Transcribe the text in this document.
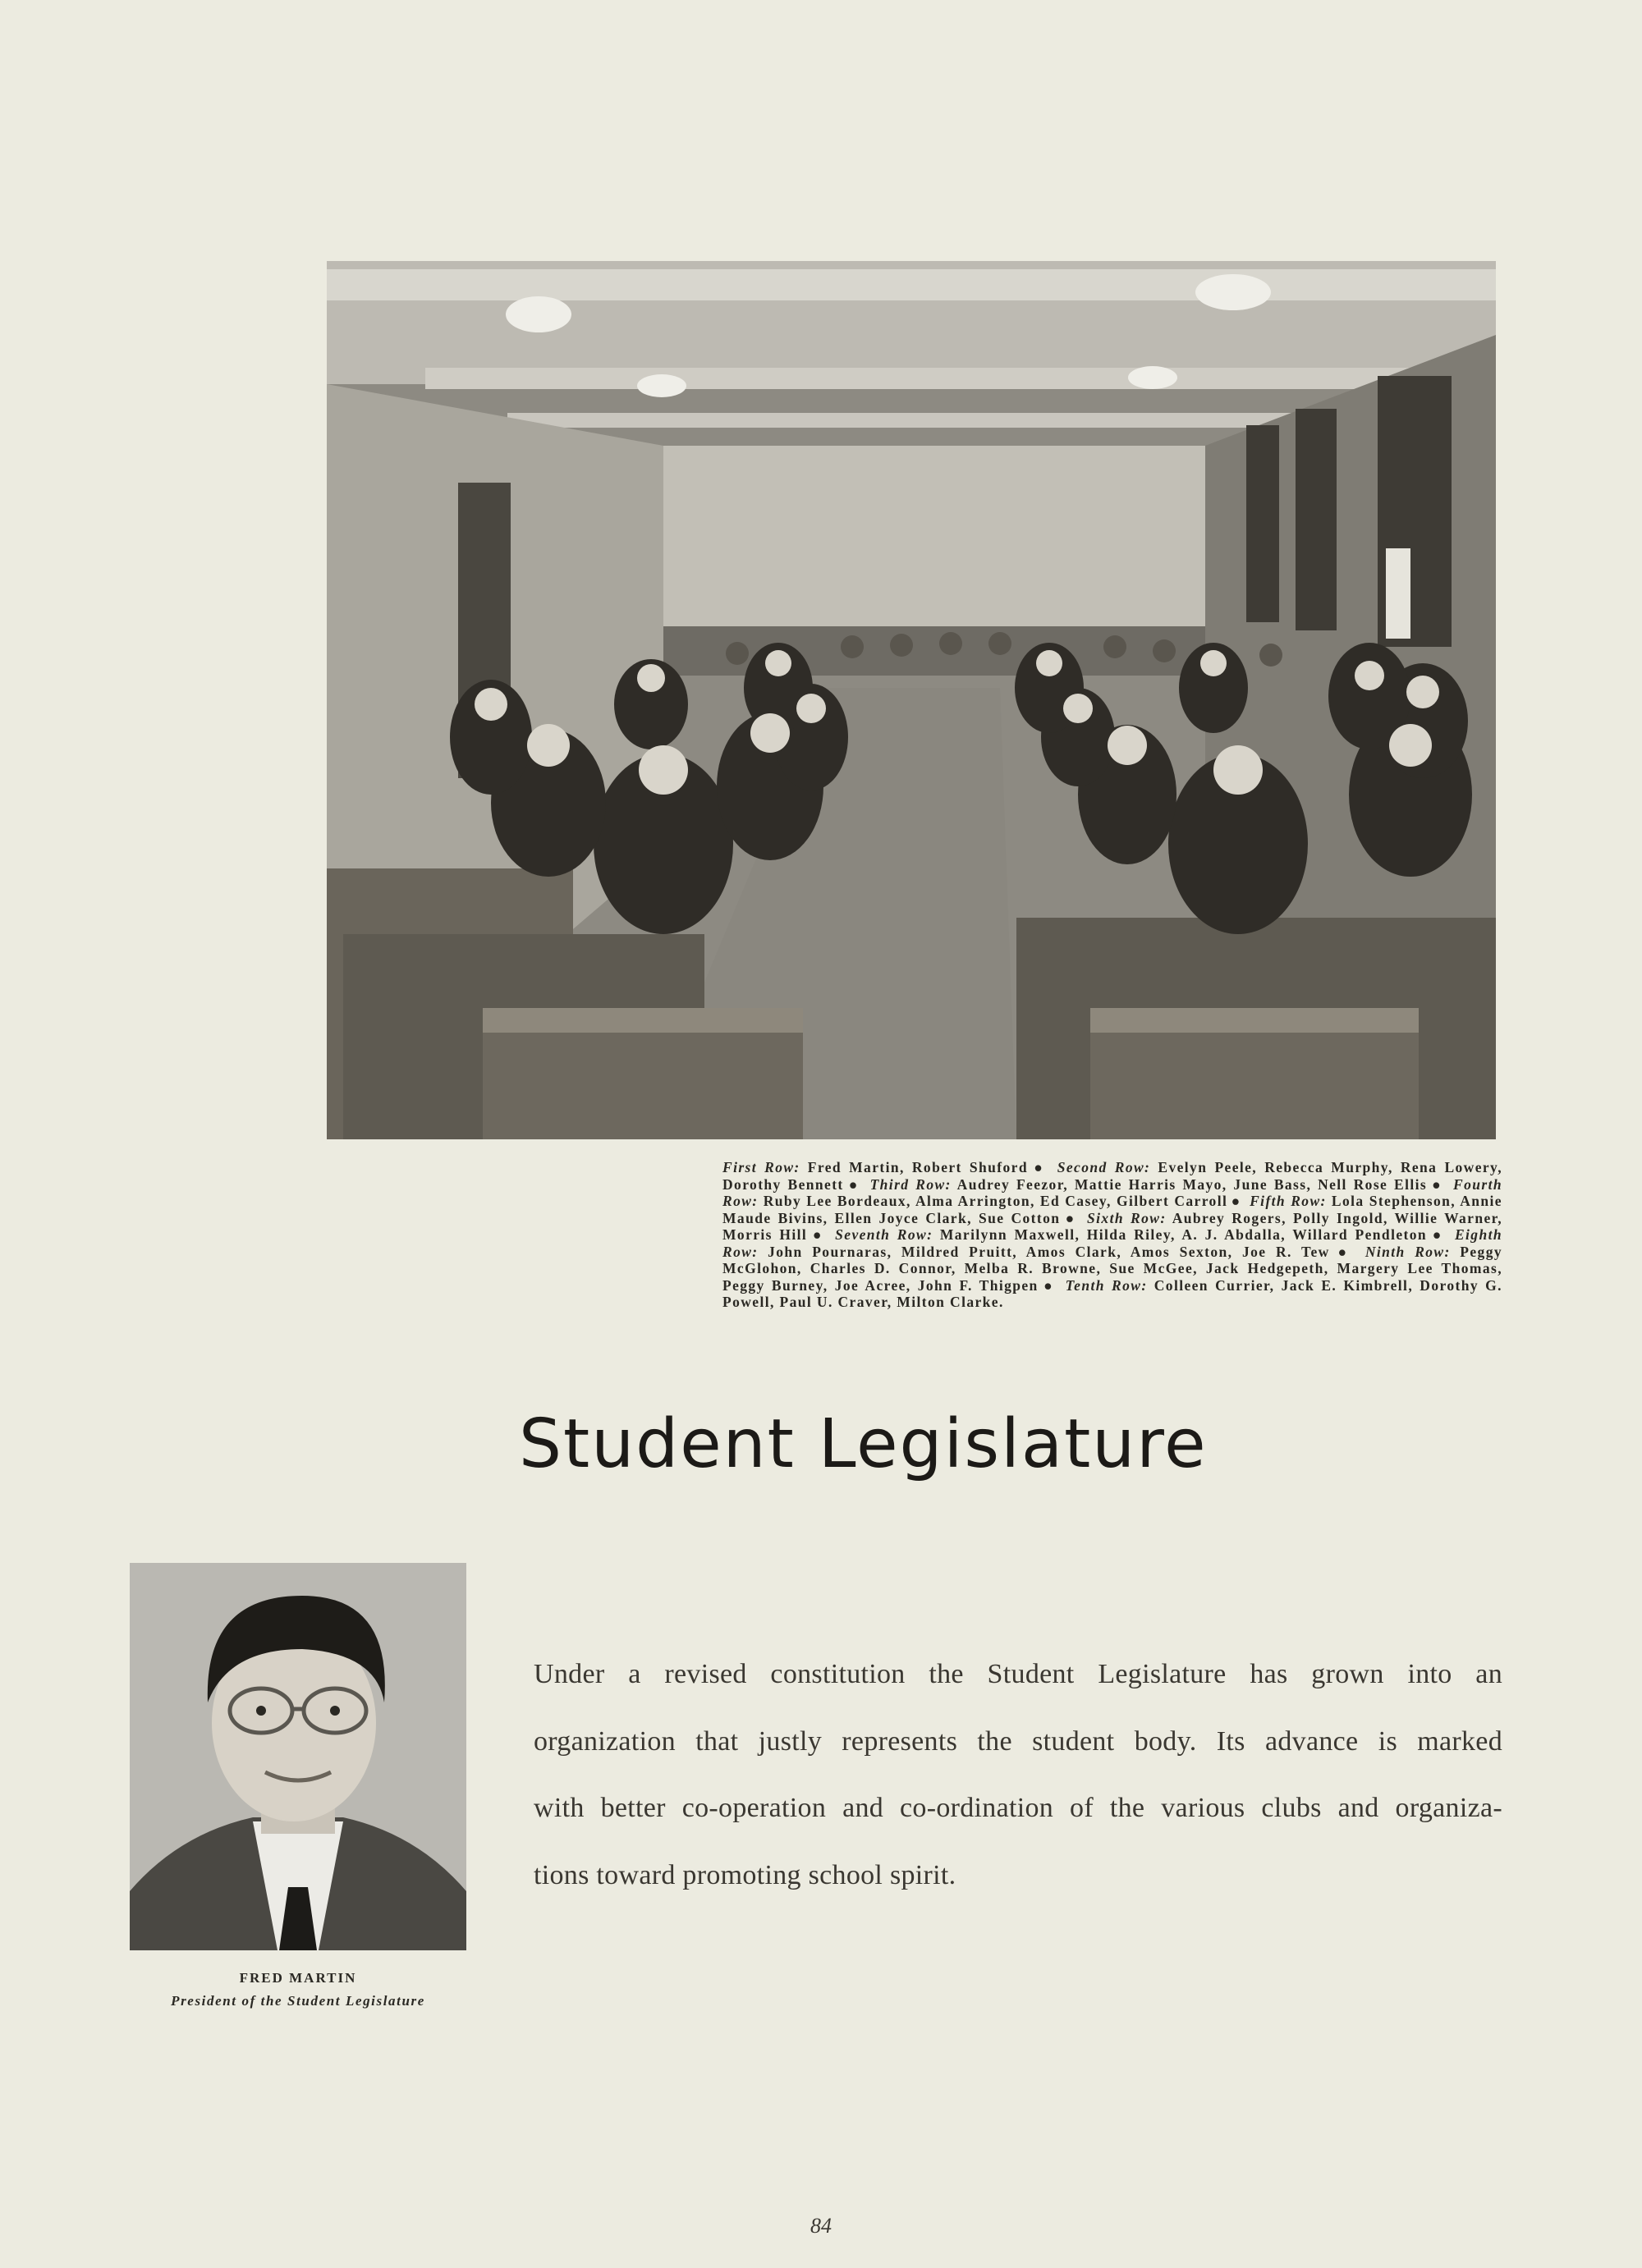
First Row: Fred Martin, Robert Shuford ● Second Row: Evelyn Peele, Rebecca Murphy, Rena Lowery, Dorothy Bennett ● Third Row: Audrey Feezor, Mattie Harris Mayo, June Bass, Nell Rose Ellis ● Fourth Row: Ruby Lee Bordeaux, Alma Arrington, Ed Casey, Gilbert Carroll ● Fifth Row: Lola Stephenson, Annie Maude Bivins, Ellen Joyce Clark, Sue Cotton ● Sixth Row: Aubrey Rogers, Polly Ingold, Willie Warner, Morris Hill ● Seventh Row: Marilynn Maxwell, Hilda Riley, A. J. Abdalla, Willard Pendleton ● Eighth Row: John Pournaras, Mildred Pruitt, Amos Clark, Amos Sexton, Joe R. Tew ● Ninth Row: Peggy McGlohon, Charles D. Connor, Melba R. Browne, Sue McGee, Jack Hedgepeth, Margery Lee Thomas, Peggy Burney, Joe Acree, John F. Thigpen ● Tenth Row: Colleen Currier, Jack E. Kimbrell, Dorothy G. Powell, Paul U. Craver, Milton Clarke.
Student Legislature
FRED MARTIN
President of the Student Legislature
Under a revised constitution the Student Legislature has grown into an
organization that justly represents the student body. Its advance is marked
with better co-operation and co-ordination of the various clubs and organiza-
tions toward promoting school spirit.
84
